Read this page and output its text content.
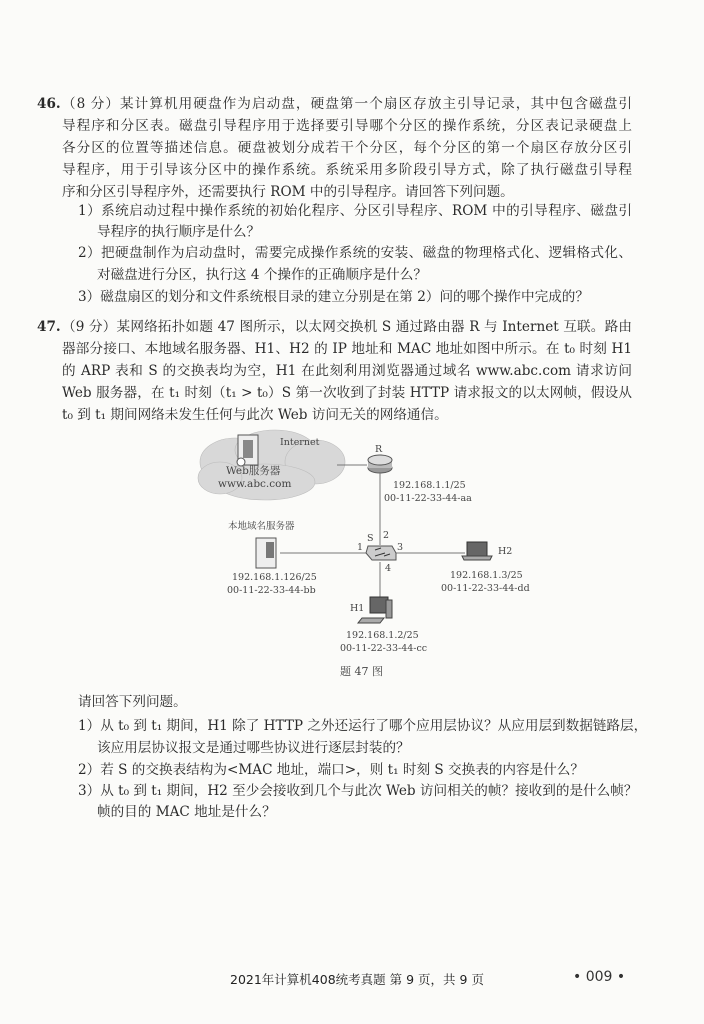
46. （8 分）某计算机用硬盘作为启动盘，硬盘第一个扇区存放主引导记录，其中包含磁盘引
导程序和分区表。磁盘引导程序用于选择要引导哪个分区的操作系统，分区表记录硬盘上
各分区的位置等描述信息。硬盘被划分成若干个分区，每个分区的第一个扇区存放分区引
导程序，用于引导该分区中的操作系统。系统采用多阶段引导方式，除了执行磁盘引导程
序和分区引导程序外，还需要执行 ROM 中的引导程序。请回答下列问题。
1）系统启动过程中操作系统的初始化程序、分区引导程序、ROM 中的引导程序、磁盘引
导程序的执行顺序是什么？
2）把硬盘制作为启动盘时，需要完成操作系统的安装、磁盘的物理格式化、逻辑格式化、
对磁盘进行分区，执行这 4 个操作的正确顺序是什么？
3）磁盘扇区的划分和文件系统根目录的建立分别是在第 2）问的哪个操作中完成的？
47. （9 分）某网络拓扑如题 47 图所示，以太网交换机 S 通过路由器 R 与 Internet 互联。路由
器部分接口、本地域名服务器、H1、H2 的 IP 地址和 MAC 地址如图中所示。在 t₀ 时刻 H1
的 ARP 表和 S 的交换表均为空，H1 在此刻利用浏览器通过域名 www.abc.com 请求访问
Web 服务器，在 t₁ 时刻（t₁ > t₀）S 第一次收到了封装 HTTP 请求报文的以太网帧，假设从
t₀ 到 t₁ 期间网络未发生任何与此次 Web 访问无关的网络通信。
Internet
Web服务器
www.abc.com
R
192.168.1.1/25
00-11-22-33-44-aa
本地域名服务器
192.168.1.126/25
00-11-22-33-44-bb
S
1
2
3
4
H2
192.168.1.3/25
00-11-22-33-44-dd
H1
192.168.1.2/25
00-11-22-33-44-cc
题 47 图
请回答下列问题。
1）从 t₀ 到 t₁ 期间，H1 除了 HTTP 之外还运行了哪个应用层协议？从应用层到数据链路层，
该应用层协议报文是通过哪些协议进行逐层封装的？
2）若 S 的交换表结构为<MAC 地址，端口>，则 t₁ 时刻 S 交换表的内容是什么？
3）从 t₀ 到 t₁ 期间，H2 至少会接收到几个与此次 Web 访问相关的帧？接收到的是什么帧？
帧的目的 MAC 地址是什么？
2021年计算机408统考真题 第 9 页，共 9 页	• 009 •
